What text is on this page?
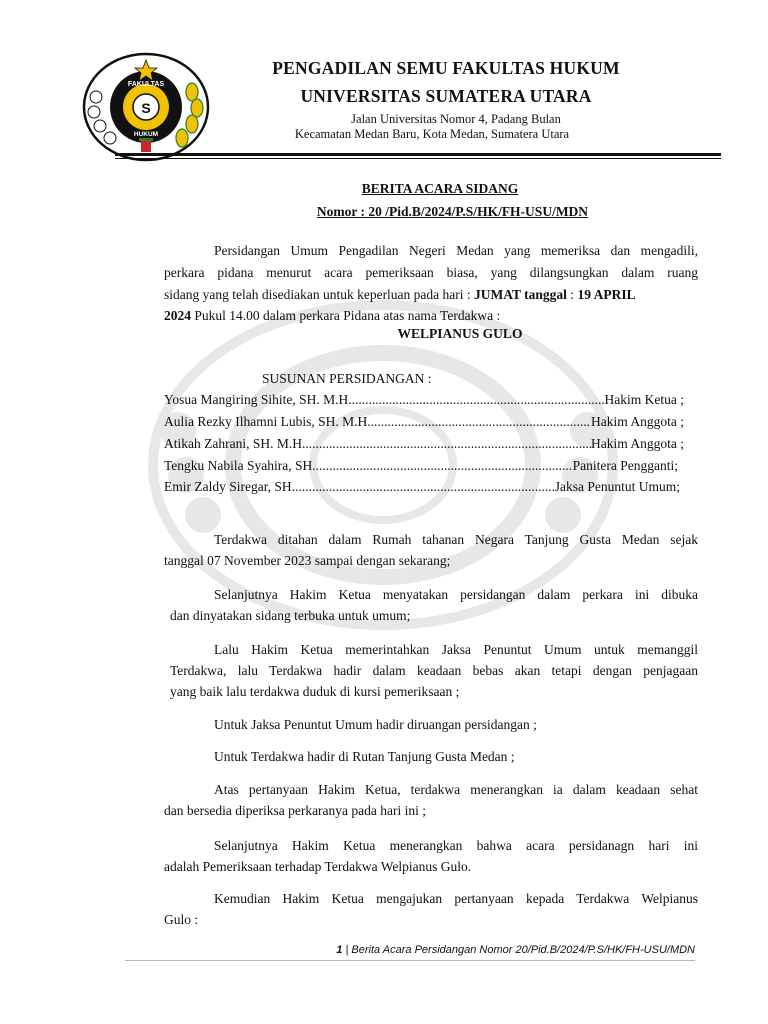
S
FAKULTAS
HUKUM
PENGADILAN SEMU FAKULTAS HUKUM
UNIVERSITAS SUMATERA UTARA
Jalan Universitas Nomor 4, Padang Bulan
Kecamatan Medan Baru, Kota Medan, Sumatera Utara
BERITA ACARA SIDANG
Nomor : 20 /Pid.B/2024/P.S/HK/FH-USU/MDN
Persidangan Umum Pengadilan Negeri Medan yang memeriksa dan mengadili,
perkara pidana menurut acara pemeriksaan biasa, yang dilangsungkan dalam ruang
sidang yang telah disediakan untuk keperluan pada hari : JUMAT tanggal : 19 APRIL
2024 Pukul 14.00 dalam perkara Pidana atas nama Terdakwa :
WELPIANUS GULO
SUSUNAN PERSIDANGAN :
Yosua Mangiring Sihite, SH. M.H .....	Hakim Ketua ;
Aulia Rezky Ilhamni Lubis, SH. M.H .....	Hakim Anggota ;
Atikah Zahrani, SH. M.H .....	Hakim Anggota ;
Tengku Nabila Syahira, SH .....	Panitera Pengganti;
Emir Zaldy Siregar, SH .....	Jaksa Penuntut Umum;
Terdakwa ditahan dalam Rumah tahanan Negara Tanjung Gusta Medan sejak
tanggal 07 November 2023 sampai dengan sekarang;
Selanjutnya Hakim Ketua menyatakan persidangan dalam perkara ini dibuka
dan dinyatakan sidang terbuka untuk umum;
Lalu Hakim Ketua memerintahkan Jaksa Penuntut Umum untuk memanggil
Terdakwa, lalu Terdakwa hadir dalam keadaan bebas akan tetapi dengan penjagaan
yang baik lalu terdakwa duduk di kursi pemeriksaan ;
Untuk Jaksa Penuntut Umum hadir diruangan persidangan ;
Untuk Terdakwa hadir di Rutan Tanjung Gusta Medan ;
Atas pertanyaan Hakim Ketua, terdakwa menerangkan ia dalam keadaan sehat
dan bersedia diperiksa perkaranya pada hari ini ;
Selanjutnya Hakim Ketua menerangkan bahwa acara persidanagn hari ini
adalah Pemeriksaan terhadap Terdakwa Welpianus Gulo.
Kemudian Hakim Ketua mengajukan pertanyaan kepada Terdakwa Welpianus
Gulo :
1 | Berita Acara Persidangan Nomor 20/Pid.B/2024/P.S/HK/FH-USU/MDN
